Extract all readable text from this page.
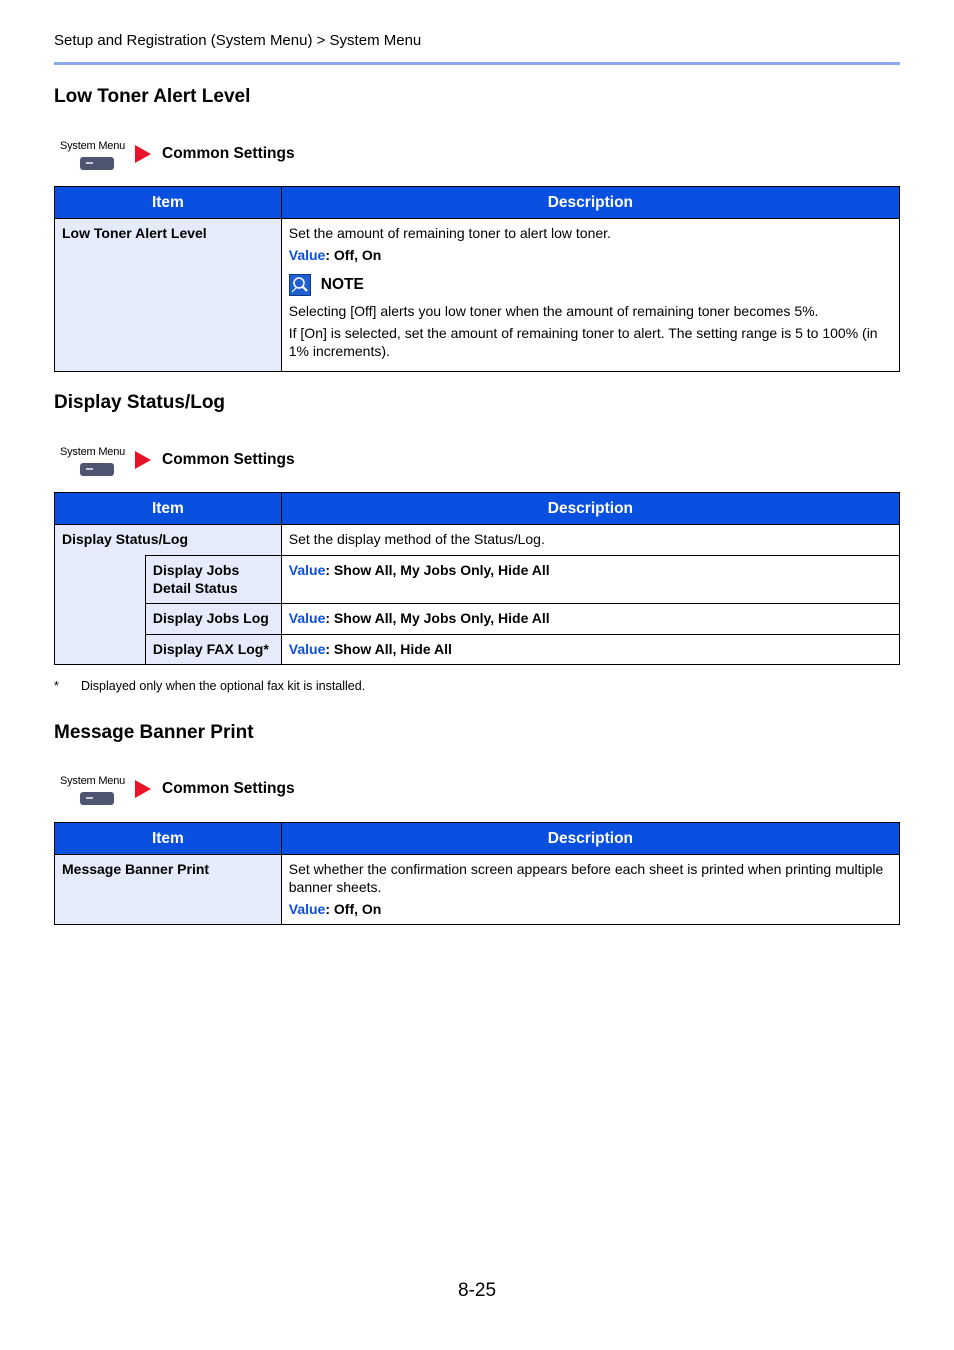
Setup and Registration (System Menu) > System Menu
Low Toner Alert Level
System Menu Common Settings
Item	Description
Low Toner Alert Level	Set the amount of remaining toner to alert low toner.
Value: Off, On
NOTE
Selecting [Off] alerts you low toner when the amount of remaining toner becomes 5%.
If [On] is selected, set the amount of remaining toner to alert. The setting range is 5 to 100% (in 1% increments).
Display Status/Log
System Menu Common Settings
Item		Description
Display Status/Log		Set the display method of the Status/Log.
	Display Jobs Detail Status	Value: Show All, My Jobs Only, Hide All
	Display Jobs Log	Value: Show All, My Jobs Only, Hide All
	Display FAX Log*	Value: Show All, Hide All
* Displayed only when the optional fax kit is installed.
Message Banner Print
System Menu Common Settings
Item	Description
Message Banner Print	Set whether the confirmation screen appears before each sheet is printed when printing multiple banner sheets.
Value: Off, On
8-25
